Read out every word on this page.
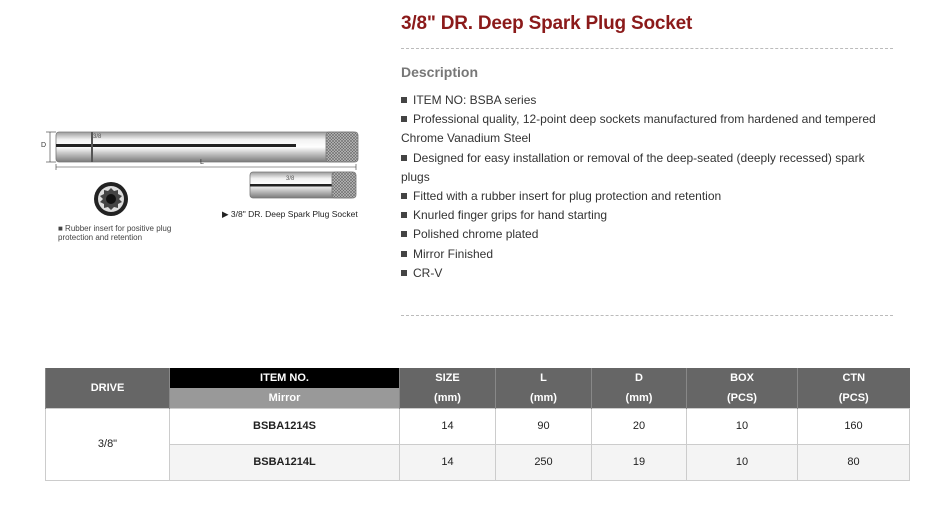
3/8
D
L
3/8
▶ 3/8" DR. Deep Spark Plug Socket
■ Rubber insert for positive plug protection and retention
3/8" DR. Deep Spark Plug Socket
Description
ITEM NO: BSBA series
Professional quality, 12-point deep sockets manufactured from hardened and tempered Chrome Vanadium Steel
Designed for easy installation or removal of the deep-seated (deeply recessed) spark plugs
Fitted with a rubber insert for plug protection and retention
Knurled finger grips for hand starting
Polished chrome plated
Mirror Finished
CR-V
DRIVE	ITEM NO.	SIZE	L	D	BOX	CTN
	Mirror	(mm)	(mm)	(mm)	(PCS)	(PCS)
3/8"	BSBA1214S	14	90	20	10	160
	BSBA1214L	14	250	19	10	80
